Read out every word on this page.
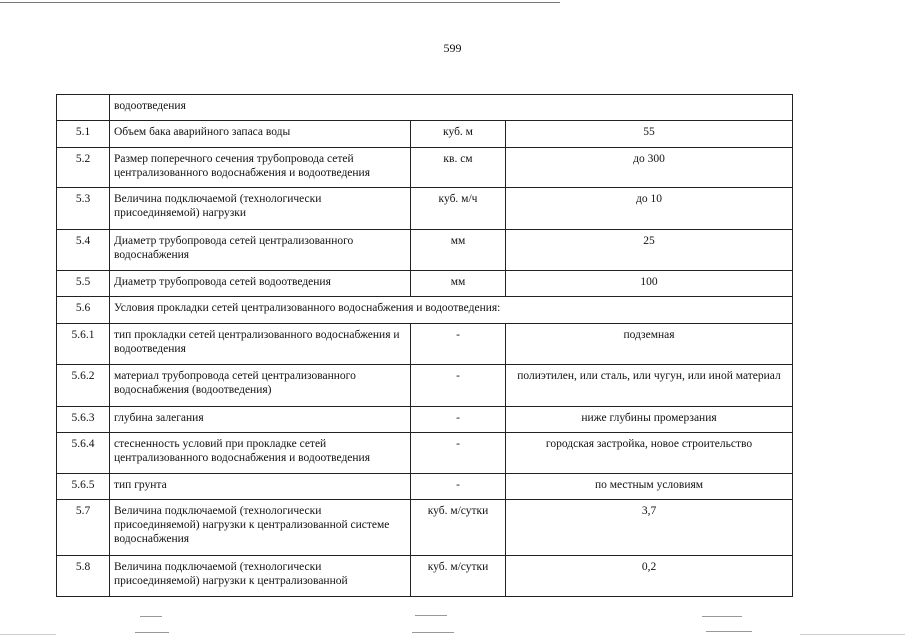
599
	водоотведения		
5.1	Объем бака аварийного запаса воды	куб. м	55
5.2	Размер поперечного сечения трубопровода сетей централизованного водоснабжения и водоотведения	кв. см	до 300
5.3	Величина подключаемой (технологически присоединяемой) нагрузки	куб. м/ч	до 10
5.4	Диаметр трубопровода сетей централизованного водоснабжения	мм	25
5.5	Диаметр трубопровода сетей водоотведения	мм	100
5.6	Условия прокладки сетей централизованного водоснабжения и водоотведения:		
5.6.1	тип прокладки сетей централизованного водоснабжения и водоотведения	-	подземная
5.6.2	материал трубопровода сетей централизованного водоснабжения (водоотведения)	-	полиэтилен, или сталь, или чугун, или иной материал
5.6.3	глубина залегания	-	ниже глубины промерзания
5.6.4	стесненность условий при прокладке сетей централизованного водоснабжения и водоотведения	-	городская застройка, новое строительство
5.6.5	тип грунта	-	по местным условиям
5.7	Величина подключаемой (технологически присоединяемой) нагрузки к централизованной системе водоснабжения	куб. м/сутки	3,7
5.8	Величина подключаемой (технологически присоединяемой) нагрузки к централизованной	куб. м/сутки	0,2
